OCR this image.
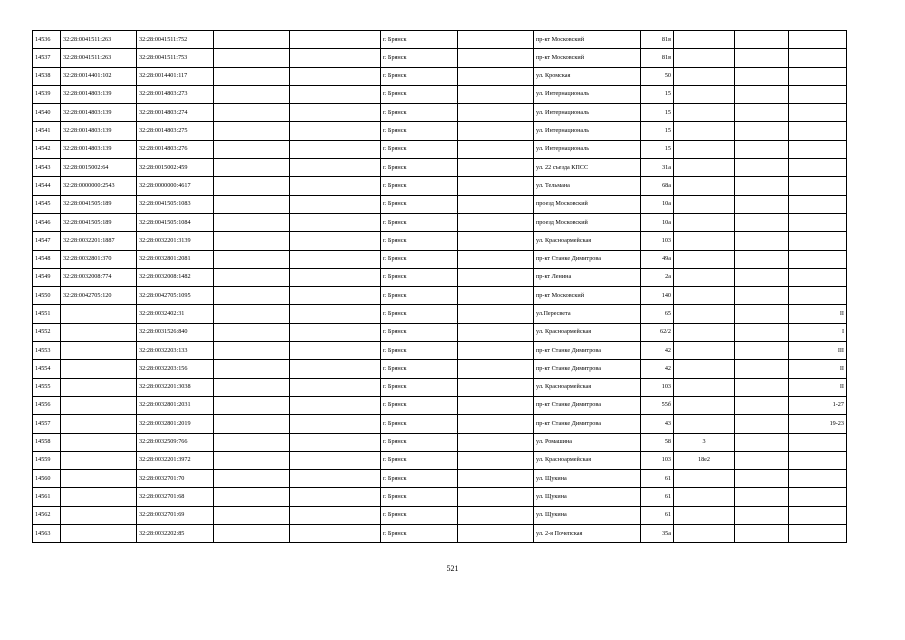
14536	32:28:0041511:263	32:28:0041511:752			г. Брянск		пр-кт Московский	81в			
14537	32:28:0041511:263	32:28:0041511:753			г. Брянск		пр-кт Московский	81в			
14538	32:28:0014401:102	32:28:0014401:117			г. Брянск		ул. Кромская	50			
14539	32:28:0014803:139	32:28:0014803:273			г. Брянск		ул. Интернациональ	15			
14540	32:28:0014803:139	32:28:0014803:274			г. Брянск		ул. Интернациональ	15			
14541	32:28:0014803:139	32:28:0014803:275			г. Брянск		ул. Интернациональ	15			
14542	32:28:0014803:139	32:28:0014803:276			г. Брянск		ул. Интернациональ	15			
14543	32:28:0015002:64	32:28:0015002:459			г. Брянск		ул. 22 съезда КПСС	31а			
14544	32:28:0000000:2543	32:28:0000000:4617			г. Брянск		ул. Тельмана	68а			
14545	32:28:0041505:189	32:28:0041505:1083			г. Брянск		проезд Московский	10а			
14546	32:28:0041505:189	32:28:0041505:1084			г. Брянск		проезд Московский	10а			
14547	32:28:0032201:1887	32:28:0032201:3139			г. Брянск		ул. Красноармейская	103			
14548	32:28:0032801:370	32:28:0032801:2081			г. Брянск		пр-кт Станке Димитрова	49а			
14549	32:28:0032008:774	32:28:0032008:1482			г. Брянск		пр-кт Ленина	2а			
14550	32:28:0042705:120	32:28:0042705:1095			г. Брянск		пр-кт Московский	140			
14551		32:28:0032402:31			г. Брянск		ул.Пересвета	65			II
14552		32:28:0031526:840			г. Брянск		ул. Красноармейская	62/2			I
14553		32:28:0032203:133			г. Брянск		пр-кт Станке Димитрова	42			III
14554		32:28:0032203:156			г. Брянск		пр-кт Станке Димитрова	42			II
14555		32:28:0032201:3038			г. Брянск		ул. Красноармейская	103			II
14556		32:28:0032801:2031			г. Брянск		пр-кт Станке Димитрова	55б			1-27
14557		32:28:0032801:2019			г. Брянск		пр-кт Станке Димитрова	43			19-23
14558		32:28:0032509:766			г. Брянск		ул. Ромашина	58	3		
14559		32:28:0032201:3972			г. Брянск		ул. Красноармейская	103	18е2		
14560		32:28:0032701:70			г. Брянск		ул. Щукина	61			
14561		32:28:0032701:68			г. Брянск		ул. Щукина	61			
14562		32:28:0032701:69			г. Брянск		ул. Щукина	61			
14563		32:28:0032202:85			г. Брянск		ул. 2-я Почепская	35а			
521
